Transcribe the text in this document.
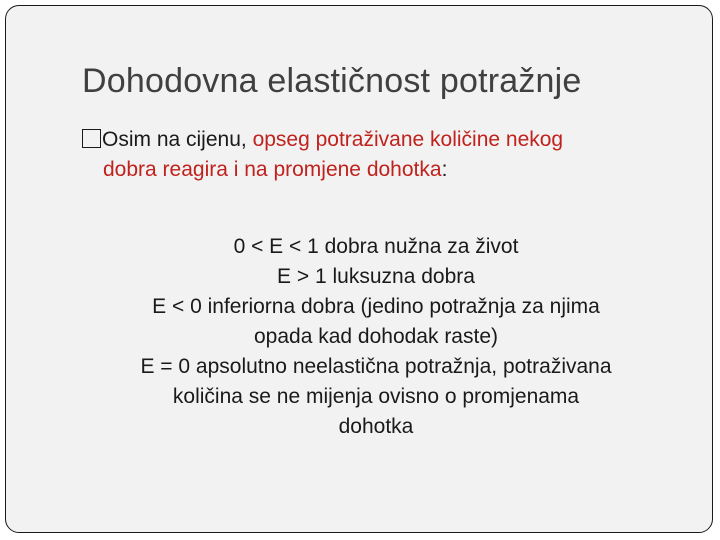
Dohodovna elastičnost potražnje
Osim na cijenu, opseg potraživane količine nekog
dobra reagira i na promjene dohotka:
0 < E < 1 dobra nužna za život
E > 1 luksuzna dobra
E < 0 inferiorna dobra (jedino potražnja za njima
opada kad dohodak raste)
E = 0 apsolutno neelastična potražnja, potraživana
količina se ne mijenja ovisno o promjenama
dohotka
